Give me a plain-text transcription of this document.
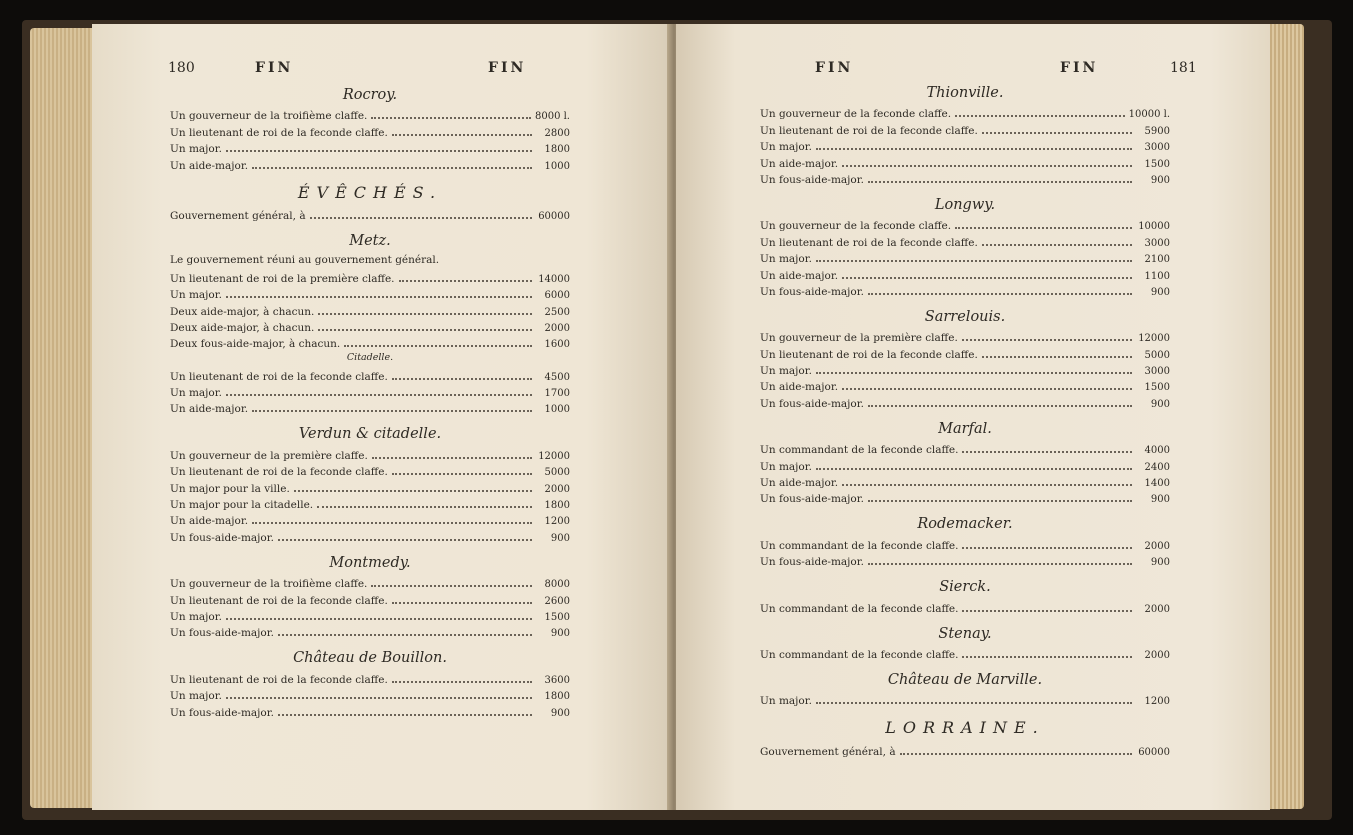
180	FIN	FIN
Rocroy.
Un gouverneur de la troifième claffe.	8000 l.
Un lieutenant de roi de la feconde claffe.	2800
Un major.	1800
Un aide-major.	1000
ÉVÊCHÉS.
Gouvernement général, à	60000
Metz.
Le gouvernement réuni au gouvernement général.
Un lieutenant de roi de la première claffe.	14000
Un major.	6000
Deux aide-major, à chacun.	2500
Deux aide-major, à chacun.	2000
Deux fous-aide-major, à chacun.	1600
Citadelle.
Un lieutenant de roi de la feconde claffe.	4500
Un major.	1700
Un aide-major.	1000
Verdun & citadelle.
Un gouverneur de la première claffe.	12000
Un lieutenant de roi de la feconde claffe.	5000
Un major pour la ville.	2000
Un major pour la citadelle.	1800
Un aide-major.	1200
Un fous-aide-major.	900
Montmedy.
Un gouverneur de la troifième claffe.	8000
Un lieutenant de roi de la feconde claffe.	2600
Un major.	1500
Un fous-aide-major.	900
Château de Bouillon.
Un lieutenant de roi de la feconde claffe.	3600
Un major.	1800
Un fous-aide-major.	900
FIN	FIN	181
Thionville.
Un gouverneur de la feconde claffe.	10000 l.
Un lieutenant de roi de la feconde claffe.	5900
Un major.	3000
Un aide-major.	1500
Un fous-aide-major.	900
Longwy.
Un gouverneur de la feconde claffe.	10000
Un lieutenant de roi de la feconde claffe.	3000
Un major.	2100
Un aide-major.	1100
Un fous-aide-major.	900
Sarrelouis.
Un gouverneur de la première claffe.	12000
Un lieutenant de roi de la feconde claffe.	5000
Un major.	3000
Un aide-major.	1500
Un fous-aide-major.	900
Marfal.
Un commandant de la feconde claffe.	4000
Un major.	2400
Un aide-major.	1400
Un fous-aide-major.	900
Rodemacker.
Un commandant de la feconde claffe.	2000
Un fous-aide-major.	900
Sierck.
Un commandant de la feconde claffe.	2000
Stenay.
Un commandant de la feconde claffe.	2000
Château de Marville.
Un major.	1200
LORRAINE.
Gouvernement général, à	60000
